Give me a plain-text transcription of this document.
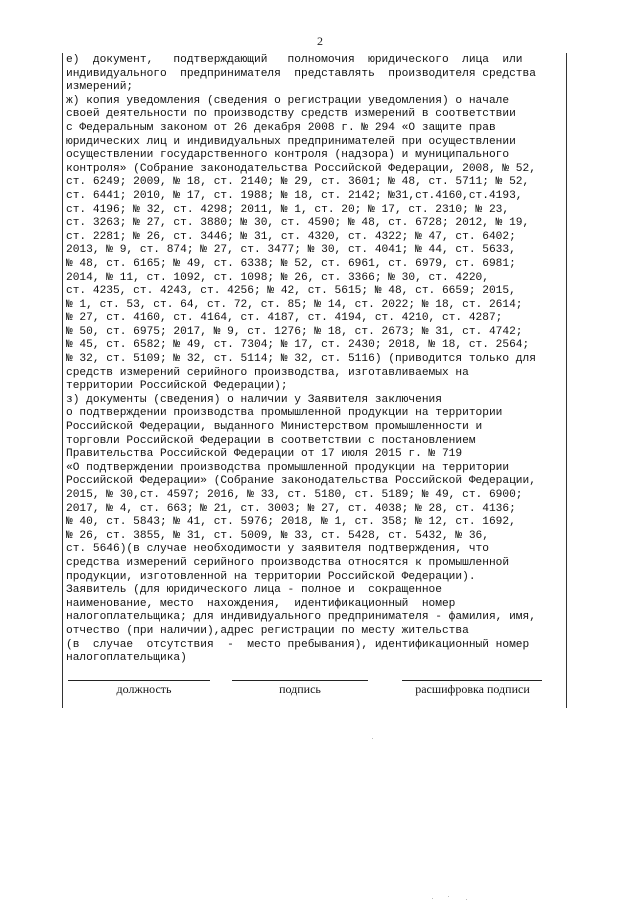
2
е)  документ,   подтверждающий   полномочия  юридического  лица  или
индивидуального  предпринимателя  представлять  производителя средства
измерений;
ж) копия уведомления (сведения о регистрации уведомления) о начале
своей деятельности по производству средств измерений в соответствии
с Федеральным законом от 26 декабря 2008 г. № 294 «О защите прав
юридических лиц и индивидуальных предпринимателей при осуществлении
осуществлении государственного контроля (надзора) и муниципального
контроля» (Собрание законодательства Российской Федерации, 2008, № 52,
ст. 6249; 2009, № 18, ст. 2140; № 29, ст. 3601; № 48, ст. 5711; № 52,
ст. 6441; 2010, № 17, ст. 1988; № 18, ст. 2142; №31,ст.4160,ст.4193,
ст. 4196; № 32, ст. 4298; 2011, № 1, ст. 20; № 17, ст. 2310; № 23,
ст. 3263; № 27, ст. 3880; № 30, ст. 4590; № 48, ст. 6728; 2012, № 19,
ст. 2281; № 26, ст. 3446; № 31, ст. 4320, ст. 4322; № 47, ст. 6402;
2013, № 9, ст. 874; № 27, ст. 3477; № 30, ст. 4041; № 44, ст. 5633,
№ 48, ст. 6165; № 49, ст. 6338; № 52, ст. 6961, ст. 6979, ст. 6981;
2014, № 11, ст. 1092, ст. 1098; № 26, ст. 3366; № 30, ст. 4220,
ст. 4235, ст. 4243, ст. 4256; № 42, ст. 5615; № 48, ст. 6659; 2015,
№ 1, ст. 53, ст. 64, ст. 72, ст. 85; № 14, ст. 2022; № 18, ст. 2614;
№ 27, ст. 4160, ст. 4164, ст. 4187, ст. 4194, ст. 4210, ст. 4287;
№ 50, ст. 6975; 2017, № 9, ст. 1276; № 18, ст. 2673; № 31, ст. 4742;
№ 45, ст. 6582; № 49, ст. 7304; № 17, ст. 2430; 2018, № 18, ст. 2564;
№ 32, ст. 5109; № 32, ст. 5114; № 32, ст. 5116) (приводится только для
средств измерений серийного производства, изготавливаемых на
территории Российской Федерации);
з) документы (сведения) о наличии у Заявителя заключения
о подтверждении производства промышленной продукции на территории
Российской Федерации, выданного Министерством промышленности и
торговли Российской Федерации в соответствии с постановлением
Правительства Российской Федерации от 17 июля 2015 г. № 719
«О подтверждении производства промышленной продукции на территории
Российской Федерации» (Собрание законодательства Российской Федерации,
2015, № 30,ст. 4597; 2016, № 33, ст. 5180, ст. 5189; № 49, ст. 6900;
2017, № 4, ст. 663; № 21, ст. 3003; № 27, ст. 4038; № 28, ст. 4136;
№ 40, ст. 5843; № 41, ст. 5976; 2018, № 1, ст. 358; № 12, ст. 1692,
№ 26, ст. 3855, № 31, ст. 5009, № 33, ст. 5428, ст. 5432, № 36,
ст. 5646)(в случае необходимости у заявителя подтверждения, что
средства измерений серийного производства относятся к промышленной
продукции, изготовленной на территории Российской Федерации).
Заявитель (для юридического лица - полное и  сокращенное
наименование, место  нахождения,  идентификационный  номер
налогоплательщика; для индивидуального предпринимателя - фамилия, имя,
отчество (при наличии),адрес регистрации по месту жительства
(в  случае  отсутствия  -  место пребывания), идентификационный номер
налогоплательщика)
должность	подпись	расшифровка подписи
